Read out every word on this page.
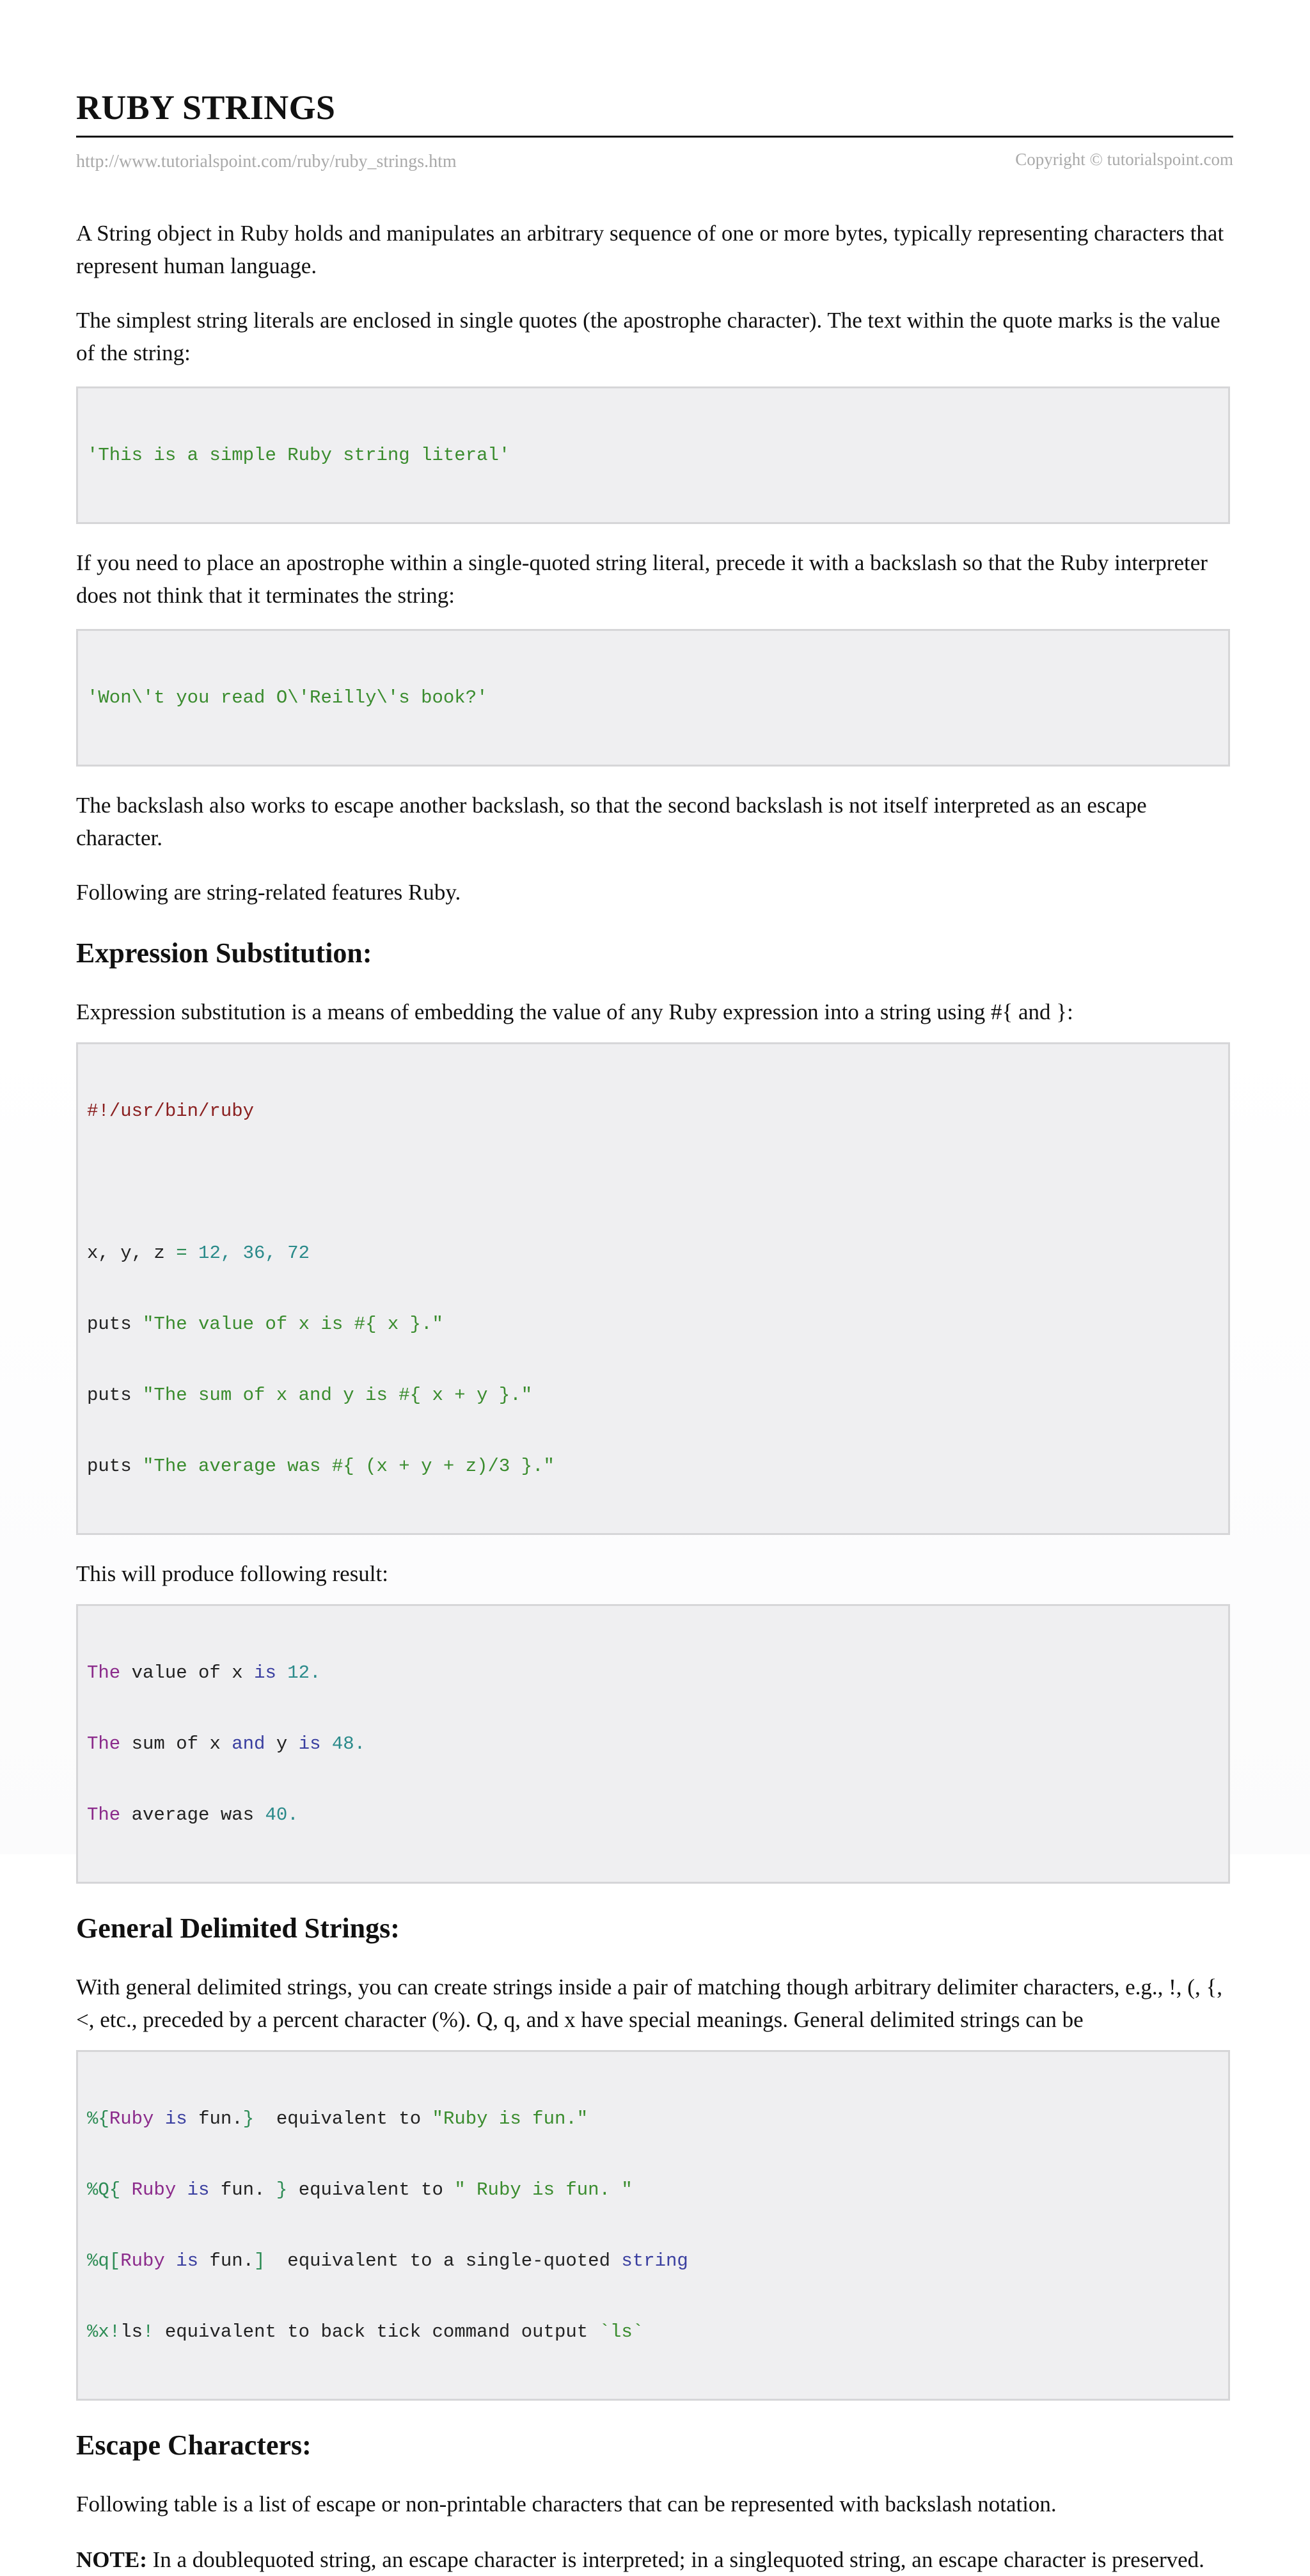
RUBY STRINGS
http://www.tutorialspoint.com/ruby/ruby_strings.htm	Copyright © tutorialspoint.com

A String object in Ruby holds and manipulates an arbitrary sequence of one or more bytes, typically representing characters that represent human language.

The simplest string literals are enclosed in single quotes (the apostrophe character). The text within the quote marks is the value of the string:

'This is a simple Ruby string literal'

If you need to place an apostrophe within a single-quoted string literal, precede it with a backslash so that the Ruby interpreter does not think that it terminates the string:

'Won\'t you read O\'Reilly\'s book?'

The backslash also works to escape another backslash, so that the second backslash is not itself interpreted as an escape character.

Following are string-related features Ruby.

Expression Substitution:

Expression substitution is a means of embedding the value of any Ruby expression into a string using #{ and }:

#!/usr/bin/ruby

x, y, z = 12, 36, 72

puts "The value of x is #{ x }."

puts "The sum of x and y is #{ x + y }."

puts "The average was #{ (x + y + z)/3 }."

This will produce following result:

The value of x is 12.

The sum of x and y is 48.

The average was 40.

General Delimited Strings:

With general delimited strings, you can create strings inside a pair of matching though arbitrary delimiter characters, e.g., !, (, {, <, etc., preceded by a percent character (%). Q, q, and x have special meanings. General delimited strings can be

%{Ruby is fun.}  equivalent to "Ruby is fun."

%Q{ Ruby is fun. } equivalent to " Ruby is fun. "

%q[Ruby is fun.]  equivalent to a single-quoted string

%x!ls! equivalent to back tick command output `ls`

Escape Characters:

Following table is a list of escape or non-printable characters that can be represented with backslash notation.

NOTE: In a doublequoted string, an escape character is interpreted; in a singlequoted string, an escape character is preserved.
